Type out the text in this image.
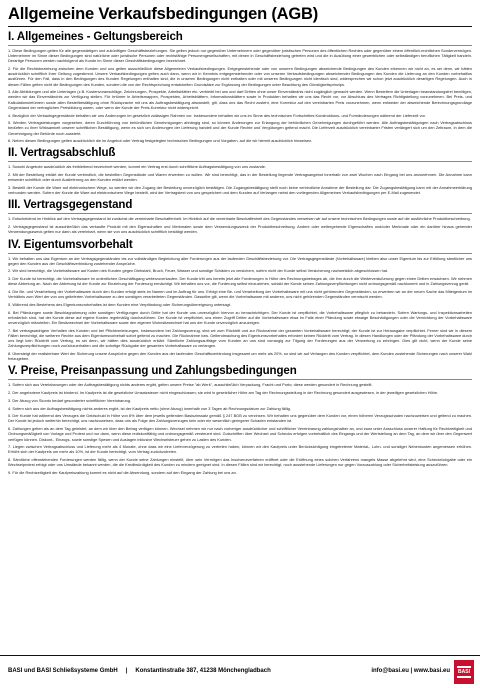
Allgemeine Verkaufsbedingungen (AGB)
I. Allgemeines - Geltungsbereich

1. Diese Bedingungen gelten für alle gegenwärtigen und zukünftigen Geschäftsbeziehungen. Sie gelten jedoch nur gegenüber Unternehmern oder gegenüber juristischen Personen des öffentlichen Rechtes oder gegenüber einem öffentlich-rechtlichen Sondervermögen. Unternehmer im Sinne dieser Bedingungen sind natürliche oder juristische Personen oder rechtsfähige Personengesellschaften, mit denen in Geschäftsbeziehung getreten wird und die in Ausübung einer gewerblichen oder selbständigen beruflichen Tätigkeit handeln. Derartige Personen werden nachfolgend als Kunde im Sinne dieser Geschäftsbedingungen bezeichnet.

2. Für die Rechtsbeziehung zwischen dem Kunden und uns gelten ausschließlich diese Allgemeinen Verkaufsbedingungen. Entgegenstehende oder von unseren Bedingungen abweichende Bedingungen des Kunden erkennen wir nicht an, es sei denn, wir hätten ausdrücklich schriftlich ihrer Geltung zugestimmt. Unsere Verkaufsbedingungen gelten auch dann, wenn wir in Kenntnis entgegenstehender oder von unseren Verkaufsbedingungen abweichender Bedingungen des Kunden die Lieferung an den Kunden vorbehaltlos ausführen. Für den Fall, dass in den Bedingungen des Kunden Regelungen enthalten sind, die in unseren Bedingungen nicht enthalten oder mit unseren Bedingungen nicht identisch sind, widersprechen wir schon jetzt ausdrücklich derartigen Regelungen. Auch in diesen Fällen gelten nicht die Bedingungen des Kunden, sondern die von der Rechtsprechung entwickelten Grundsätze zur Ergänzung der Bedingungen unter Beachtung des Günstigkeitsprinzips.

3. Alle Abbildungen und alle Unterlagen (z.B. Kostenvoranschläge, Zeichnungen, Prospekte, Arbeitsblätter etc. verbleibt bei uns und darf Dritten ohne unser Einverständnis nicht zugänglich gemacht werden. Wenn Bestellern die Unterlagen beanstandungsfrei benötigen, werden wir das Einverständnis zur Verfügung stellen. Für Irrtümer in Arbeitsmappen, Prospekten, Arbeitsblättern, Informationsblättern sowie in Produkten behalten wir uns das Recht vor, vor Abschluss des Vertrages Richtigstellung vorzunehmen. Bei Preis- und Kalkulationsirrtümern sowie allen Bestellbestätigung ohne Rücksprache mit uns als Auftragsbestätigung abwandelt, gilt, dass uns das Recht zusteht, eine Korrektur auf den vereinbarten Preis vorzunehmen, wenn entweder der abweichende Berechnungsgrundlage Gegenstand der vertraglichen Preisbildung waren, oder wenn der Kunde der Preis-Korrektur nicht widerspricht.

4. Bezüglich der Verkaufsgegenstände behalten wir uns Änderungen im gesetzlich zulässigen Rahmen vor. Insbesondere behalten wir uns im Sinne des technischen Fortschrittes Konstruktions- und Formänderungen während der Lieferzeit vor.

5. Werden Vertragsleistungen vorgesehen, deren Durchführung von behördlichen Genehmigungen abhängig sind, so können Änderungen zur Erlangung der behördlichen Genehmigungen durchgeführt werden. Alle Auftragsbestätigungen nach Vertragsabschluss bedürfen zu ihrer Wirksamkeit unserer schriftlichen Bestätigung, wenn es sich um Änderungen der Lieferung handelt und der Kunde Rechte und Vergütungen geltend macht. Die Lieferzeit ausdrücklich vereinbarter Fristen verlängert sich um den Zeitraum, in dem die Genehmigung der Behörde noch aussteht.

6. Neben diesen Bedingungen gelten ausdrücklich die im Angebot oder Vertrag festgelegten technischen Bedingungen und Vorgaben, auf die wir hiermit ausdrücklich hinweisen.

II. Vertragsabschluß

1. Sowohl Angebote ausdrücklich als freibleibend bezeichnet werden, kommt ein Vertrag erst durch schriftliche Auftragsbestätigung von uns zustande.

2. Mit der Bestellung erklärt der Kunde verbindlich, die bestellten Gegenstände und Waren erwerben zu wollen. Wir sind berechtigt, das in der Bestellung liegende Vertragsangebot innerhalb von zwei Wochen nach Eingang bei uns anzunehmen. Die Annahme kann entweder schriftlich oder durch Auslieferung an den Kunden erklärt werden.

3. Bestellt der Kunde die Ware auf elektronischem Wege, so werden wir den Zugang der Bestellung unverzüglich bestätigen. Die Zugangsbestätigung stellt noch keine verbindliche Annahme der Bestellung dar. Die Zugangsbestätigung kann mit der Annahmeerklärung verbunden werden. Sofern der Kunde die Ware auf elektronischem Wege bestellt, wird der Vertragstext von uns gespeichert und dem Kunden auf Verlangen nebst den vorliegenden Allgemeinen Verkaufsbedingungen per E-Mail zugesendet.

III. Vertragsgegenstand

1. Entscheidend im Hinblick auf den Vertragsgegenstand ist zunächst die vereinbarte Beschaffenheit. Im Hinblick auf die vereinbarte Beschaffenheit des Gegenstandes verweisen wir auf unsere technischen Bedingungen sowie auf die ausführliche Produktbeschreibung.

2. Vertragsgegenstand ist ausschließlich das verkaufte Produkt mit den Eigenschaften und Merkmalen sowie dem Verwendungszweck der Produktbeschreibung. Andere oder weitergehende Eigenschaften und/oder Merkmale oder ein darüber hinaus gehender Verwendungszweck gelten nur dann als vereinbart, wenn sie von uns ausdrücklich schriftlich bestätigt werden.

IV. Eigentumsvorbehalt

1. Wir behalten uns das Eigentum an der Vertragsgegenständen bis zur vollständigen Begleichung aller Forderungen aus der laufenden Geschäftsbeziehung vor. Die Vertragsgegenstände (Vorbehaltsware) bleiben also unser Eigentum bis zur Erfüllung sämtlicher uns gegen den Kunden aus der Geschäftsverbindung zustehender Ansprüche.

2. Wir sind berechtigt, die Vorbehaltsware auf Kosten des Kunden gegen Diebstahl, Bruch, Feuer, Wasser und sonstige Schäden zu versichern, sofern nicht der Kunde selbst Versicherung nachweislich abgeschlossen hat.

3. Der Kunde ist berechtigt, die Vorbehaltsware im ordentlichen Geschäftsgang weiterzuverkaufen. Der Kunde tritt uns bereits jetzt alle Forderungen in Höhe des Rechnungsbetrages ab, die ihm durch die Weiterveräußerung gegen einen Dritten erwachsen. Wir nehmen diese Abtretung an. Nach der Abtretung ist der Kunde zur Einziehung der Forderung ermächtigt. Wir behalten uns vor, die Forderung selbst einzuziehen, sobald der Kunde seinen Zahlungsverpflichtungen nicht ordnungsgemäß nachkommt und in Zahlungsverzug gerät.

4. Die Be- und Verarbeitung der Vorbehaltsware durch den Kunden erfolgt stets im Namen und im Auftrag für uns. Erfolgt eine Be- und Verarbeitung der Vorbehaltsware mit uns nicht gehörenden Gegenständen, so erwerben wir an der neuen Sache das Miteigentum im Verhältnis zum Wert der von uns gelieferten Vorbehaltsware zu den sonstigen verarbeiteten Gegenständen. Dasselbe gilt, wenn die Vorbehaltsware mit anderen, uns nicht gehörenden Gegenständen vermischt werden.

5. Während des Bestehens des Eigentumsvorbehaltes ist dem Kunden eine Verpfändung oder Sicherungsübereignung untersagt.

6. Bei Pfändungen sowie Beschlagnahmung oder sonstigen Verfügungen durch Dritte hat der Kunde uns unverzüglich hiervon zu benachrichtigen. Der Kunde ist verpflichtet, die Vorbehaltsware pfleglich zu behandeln. Sofern Wartungs- und Inspektionsarbeiten erforderlich sind, hat der Kunde diese auf eigene Kosten regelmäßig durchzuführen. Der Kunde ist verpflichtet, uns einen Zugriff Dritter auf die Vorbehaltsware etwa im Falle einer Pfändung sowie etwaige Beschädigungen oder die Vernichtung der Vorbehaltsware unverzüglich mitzuteilen. Ein Besitzwechsel der Vorbehaltsware sowie den eigenen Wohnsitzwechsel hat uns der Kunde unverzüglich anzuzeigen.

7. Bei vertragswidrigem Verhalten des Kunden und bei Pflichtverletzungen, insbesondere bei Zahlungsverzug, sind wir zum Rücktritt und zur Rücknahme der gesamten Vorbehaltsware berechtigt; der Kunde ist zur Herausgabe verpflichtet. Ferner sind wir in diesem Fällen berechtigt, die weiteren Rechte aus dem Eigentumsvorbehalt sofort geltend zu machen. Die Rücknahme bzw. Geltendmachung des Eigentumsvorbehaltes erfordert keinen Rücktritt vom Vertrag. In diesen Handlungen oder der Pfändung der Vorbehaltsware durch uns liegt kein Rücktritt vom Vertrag, es sei denn, wir hätten dies ausdrücklich erklärt. Sämtliche Zahlungsaufträge vom Kunden an uns sind vorrangig zur Tilgung der Forderungen aus der Verwertung zu erbringen. Dies gilt nicht, wenn der Kunde seine Zahlungsverpflichtungen noch zurückzuerhalten und die sofortige Rückgabe der gesamten Vorbehaltsware zu verlangen.

8. Übersteigt der realisierbare Wert der Sicherung unsere Ansprüche gegen den Kunden aus der laufenden Geschäftsverbindung insgesamt um mehr als 20%, so sind wir auf Verlangen des Kunden verpflichtet, dem Kunden zustehende Sicherungen nach unserer Wahl freizugeben.

V. Preise, Preisanpassung und Zahlungsbedingungen

1. Sofern sich aus Vereinbarungen oder der Auftragsbestätigung nichts anderes ergibt, gelten unsere Preise "ab Werk", ausschließlich Verpackung, Fracht und Porto; diese werden gesondert in Rechnung gestellt.

2. Der angebotene Kaufpreis ist bindend. Im Kaufpreis ist die gesetzliche Umsatzsteuer nicht eingeschlossen; sie wird in gesetzlicher Höhe am Tag der Rechnungsstellung in der Rechnung gesondert ausgewiesen, in der jeweiligen gesetzlichen Höhe.

3. Der Abzug von Skonto bedarf gesonderter schriftlicher Vereinbarung.

4. Sofern sich aus der Auftragsbestätigung nichts anderes ergibt, ist der Kaufpreis netto (ohne Abzug) innerhalb von 3 Tagen ab Rechnungsdatum zur Zahlung fällig.

5. Der Kunde hat während des Verzuges die Geldschuld in Höhe von 8% über dem jeweils geltenden Basiszinssatz gemäß § 247 BGB zu verzinsen. Wir behalten uns gegenüber dem Kunden vor, einen höheren Verzugsschaden nachzuweisen und geltend zu machen. Der Kunde ist jedoch weiterhin berechtigt, uns nachzuweisen, dass uns als Folge des Zahlungsverzuges kein oder ein wesentlich geringerer Schaden entstanden ist.

6. Zahlungen gelten als an dem Tag geleistet, an dem wir über den Betrag verfügen können. Wechsel nehmen wir nur nach vorheriger ausdrücklicher und schriftlicher Vereinbarung zahlungshalber an, und zwar unter Ausschluss unserer Haftung für Rechtzeitigkeit und Ordnungsmäßigkeit von Vorlage und Protest und nur dann, wenn diese rediskontfähig und ordnungsgemäß versteuert sind. Gutschriften über Wechsel und Schecks erfolgen vorbehaltlich des Eingangs und der Wertstellung an dem Tag, an dem wir über den Gegenwert verfügen können. Diskont-, Einzugs- sowie sonstige Spesen und Auslagen inklusive Wechselsteuer gehen zu Lasten des Kunden.

7. Liegen zwischen Vertragsabschluss und Lieferung mehr als 4 Monate, ohne dass wir eine Lieferverzögerung zu vertreten haben, können wir den Kaufpreis unter Berücksichtigung eingetretener Material-, Lohn- und sonstiger Nebenkosten angemessen erhöhen. Erhöht sich der Kaufpreis um mehr als 10%, ist der Kunde berechtigt, vom Vertrag zurückzutreten.

8. Sämtliche offenstehenden Forderungen werden fällig, wenn der Kunde seine Zahlungen einstellt, über sein Vermögen das Insolvenzverfahren eröffnet oder die Eröffnung eines solchen Verfahrens mangels Masse abgelehnt wird, eine Scheckrückgabe oder ein Wechselprotest erfolgt oder uns Umstände bekannt werden, die die Kreditwürdigkeit des Kunden zu mindern geeignet sind. In diesen Fällen sind wir berechtigt, noch ausstehende Lieferungen nur gegen Vorauszahlung oder Sicherheitsleistung auszuführen.

9. Für die Rechtzeitigkeit der Kaufpreiszahlung kommt es nicht auf die Absendung, sondern auf den Eingang der Zahlung bei uns an.

BASI und BASI Schließsysteme GmbH | Konstantinstraße 387, 41238 Mönchengladbach	info@basi.eu | www.basi.eu BASI
